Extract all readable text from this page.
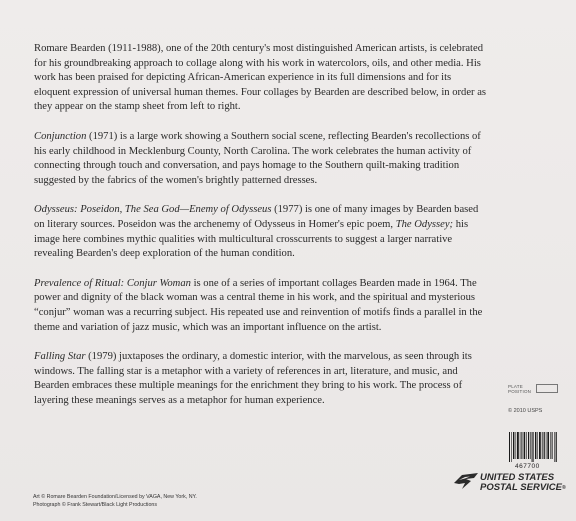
Romare Bearden (1911-1988), one of the 20th century's most distinguished American artists, is celebrated for his groundbreaking approach to collage along with his work in watercolors, oils, and other media. His work has been praised for depicting African-American experience in its full dimensions and for its eloquent expression of universal human themes. Four collages by Bearden are described below, in order as they appear on the stamp sheet from left to right.

Conjunction (1971) is a large work showing a Southern social scene, reflecting Bearden's recollections of his early childhood in Mecklenburg County, North Carolina. The work celebrates the human activity of connecting through touch and conversation, and pays homage to the Southern quilt-making tradition suggested by the fabrics of the women's brightly patterned dresses.

Odysseus: Poseidon, The Sea God—Enemy of Odysseus (1977) is one of many images by Bearden based on literary sources. Poseidon was the archenemy of Odysseus in Homer's epic poem, The Odyssey; his image here combines mythic qualities with multicultural crosscurrents to suggest a larger narrative revealing Bearden's deep exploration of the human condition.

Prevalence of Ritual: Conjur Woman is one of a series of important collages Bearden made in 1964. The power and dignity of the black woman was a central theme in his work, and the spiritual and mysterious “conjur” woman was a recurring subject. His repeated use and reinvention of motifs finds a parallel in the theme and variation of jazz music, which was an important influence on the artist.

Falling Star (1979) juxtaposes the ordinary, a domestic interior, with the marvelous, as seen through its windows. The falling star is a metaphor with a variety of references in art, literature, and music, and Bearden embraces these multiple meanings for the enrichment they bring to his work. The process of layering these meanings serves as a metaphor for human experience.

PLATE
POSITION
© 2010 USPS
467700
UNITED STATES
POSTAL SERVICE®
Art © Romare Bearden Foundation/Licensed by VAGA, New York, NY.
Photograph © Frank Stewart/Black Light Productions
